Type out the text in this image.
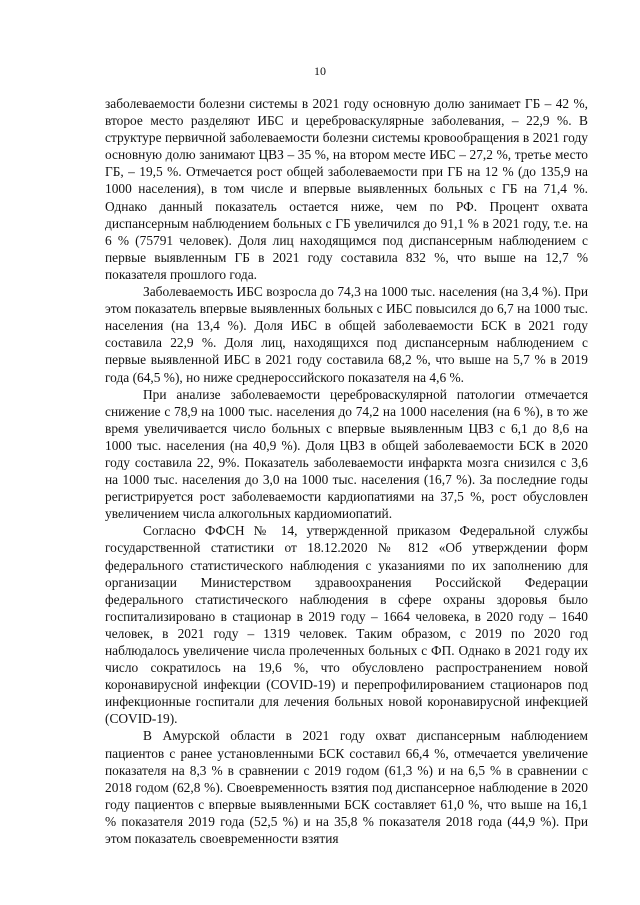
10

заболеваемости болезни системы в 2021 году основную долю занимает ГБ – 42 %, второе место разделяют ИБС и цереброваскулярные заболевания, – 22,9 %. В структуре первичной заболеваемости болезни системы кровообращения в 2021 году основную долю занимают ЦВЗ – 35 %, на втором месте ИБС – 27,2 %, третье место ГБ, – 19,5 %. Отмечается рост общей заболеваемости при ГБ на 12 % (до 135,9 на 1000 населения), в том числе и впервые выявленных больных с ГБ на 71,4 %. Однако данный показатель остается ниже, чем по РФ. Процент охвата диспансерным наблюдением больных с ГБ увеличился до 91,1 % в 2021 году, т.е. на 6 % (75791 человек). Доля лиц находящимся под диспансерным наблюдением с первые выявленным ГБ в 2021 году составила 832 %, что выше на 12,7 % показателя прошлого года.

Заболеваемость ИБС возросла до 74,3 на 1000 тыс. населения (на 3,4 %). При этом показатель впервые выявленных больных с ИБС повысился до 6,7 на 1000 тыс. населения (на 13,4 %). Доля ИБС в общей заболеваемости БСК в 2021 году составила 22,9 %. Доля лиц, находящихся под диспансерным наблюдением с первые выявленной ИБС в 2021 году составила 68,2 %, что выше на 5,7 % в 2019 года (64,5 %), но ниже среднероссийского показателя на 4,6 %.

При анализе заболеваемости цереброваскулярной патологии отмечается снижение с 78,9 на 1000 тыс. населения до 74,2 на 1000 населения (на 6 %), в то же время увеличивается число больных с впервые выявленным ЦВЗ с 6,1 до 8,6 на 1000 тыс. населения (на 40,9 %). Доля ЦВЗ в общей заболеваемости БСК в 2020 году составила 22, 9%. Показатель заболеваемости инфаркта мозга снизился с 3,6 на 1000 тыс. населения до 3,0 на 1000 тыс. населения (16,7 %). За последние годы регистрируется рост заболеваемости кардиопатиями на 37,5 %, рост обусловлен увеличением числа алкогольных кардиомиопатий.

Согласно ФФСН № 14, утвержденной приказом Федеральной службы государственной статистики от 18.12.2020 № 812 «Об утверждении форм федерального статистического наблюдения с указаниями по их заполнению для организации Министерством здравоохранения Российской Федерации федерального статистического наблюдения в сфере охраны здоровья было госпитализировано в стационар в 2019 году – 1664 человека, в 2020 году – 1640 человек, в 2021 году – 1319 человек. Таким образом, с 2019 по 2020 год наблюдалось увеличение числа пролеченных больных с ФП. Однако в 2021 году их число сократилось на 19,6 %, что обусловлено распространением новой коронавирусной инфекции (COVID-19) и перепрофилированием стационаров под инфекционные госпитали для лечения больных новой коронавирусной инфекцией (COVID-19).

В Амурской области в 2021 году охват диспансерным наблюдением пациентов с ранее установленными БСК составил 66,4 %, отмечается увеличение показателя на 8,3 % в сравнении с 2019 годом (61,3 %) и на 6,5 % в сравнении с 2018 годом (62,8 %). Своевременность взятия под диспансерное наблюдение в 2020 году пациентов с впервые выявленными БСК составляет 61,0 %, что выше на 16,1 % показателя 2019 года (52,5 %) и на 35,8 % показателя 2018 года (44,9 %). При этом показатель своевременности взятия
